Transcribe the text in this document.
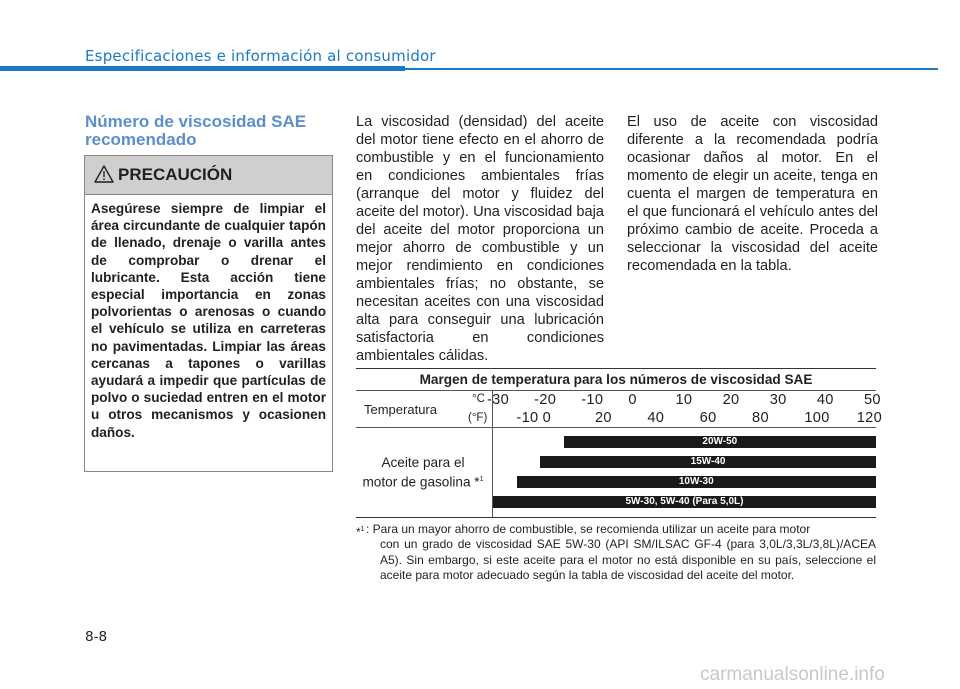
Especificaciones e información al consumidor
Número de viscosidad SAE recomendado
PRECAUCIÓN
Asegúrese siempre de limpiar el área circundante de cualquier tapón de llenado, drenaje o varilla antes de comprobar o drenar el lubricante. Esta acción tiene especial importancia en zonas polvorientas o arenosas o cuando el vehículo se utiliza en carreteras no pavimentadas. Limpiar las áreas cercanas a tapones o varillas ayudará a impedir que partículas de polvo o suciedad entren en el motor u otros mecanismos y ocasionen daños.
La viscosidad (densidad) del aceite del motor tiene efecto en el ahorro de combustible y en el funcionamiento en condiciones ambientales frías (arranque del motor y fluidez del aceite del motor). Una viscosidad baja del aceite del motor proporciona un mejor ahorro de combustible y un mejor rendimiento en condiciones ambientales frías; no obstante, se necesitan aceites con una viscosidad alta para conseguir una lubricación satisfactoria en condiciones ambientales cálidas.
El uso de aceite con viscosidad diferente a la recomendada podría ocasionar daños al motor. En el momento de elegir un aceite, tenga en cuenta el margen de temperatura en el que funcionará el vehículo antes del próximo cambio de aceite. Proceda a seleccionar la viscosidad del aceite recomendada en la tabla.
Margen de temperatura para los números de viscosidad SAE
Temperatura
°C
(°F)
-30 -20 -10 0	10 20 30 40 50
-10 0	20 40 60 80 100 120
Aceite para el
motor de gasolina *$^1$
20W-50
15W-40
10W-30
5W-30, 5W-40 (Para 5,0L)
*$^1$ : Para un mayor ahorro de combustible, se recomienda utilizar un aceite para motor
con un grado de viscosidad SAE 5W-30 (API SM/ILSAC GF-4 (para 3,0L/3,3L/3,8L)/ACEA A5). Sin embargo, si este aceite para el motor no está disponible en su país, seleccione el aceite para motor adecuado según la tabla de viscosidad del aceite del motor.
8-8
carmanualsonline.info
